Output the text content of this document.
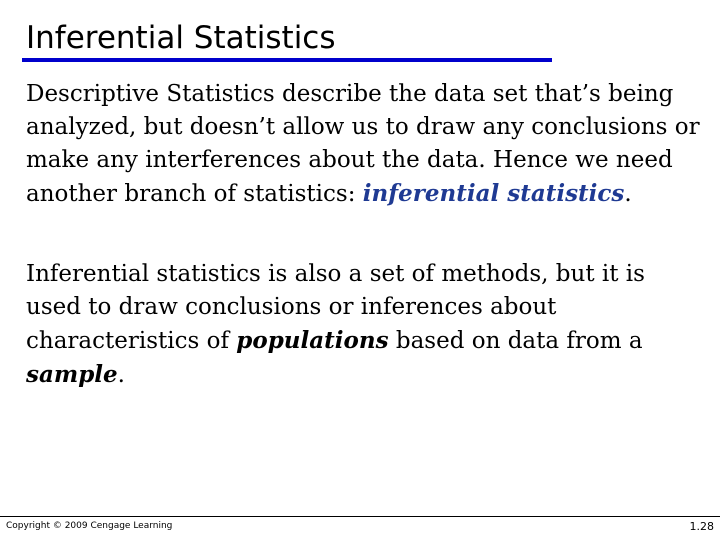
Inferential Statistics

Descriptive Statistics describe the data set that’s being analyzed, but doesn’t allow us to draw any conclusions or make any interferences about the data. Hence we need another branch of statistics: inferential statistics.

Inferential statistics is also a set of methods, but it is used to draw conclusions or inferences about characteristics of populations based on data from a sample.

Copyright © 2009 Cengage Learning	1.28
